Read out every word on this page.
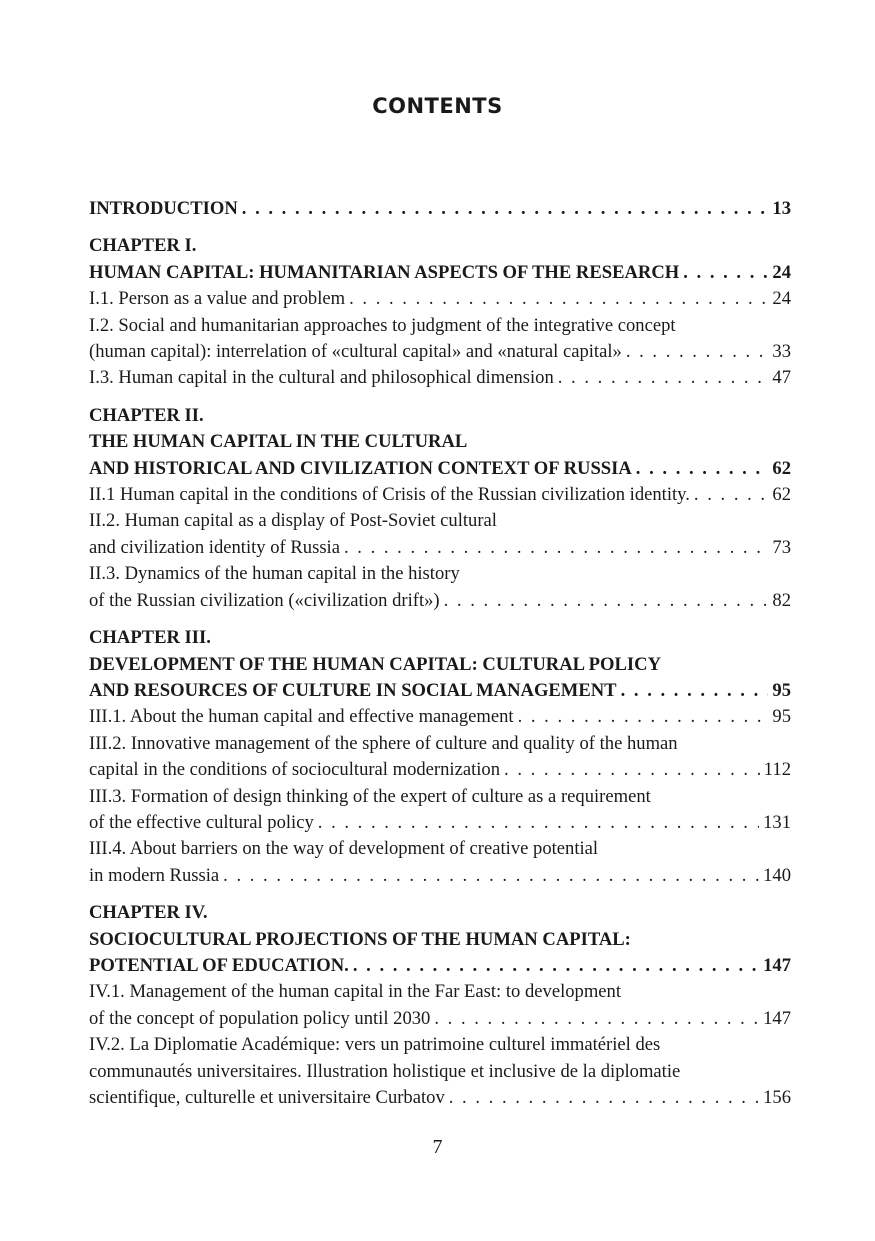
CONTENTS
INTRODUCTION . . .	13
CHAPTER I.
HUMAN CAPITAL: HUMANITARIAN ASPECTS OF THE RESEARCH . . .	24
I.1. Person as a value and problem . . .	24
I.2. Social and humanitarian approaches to judgment of the integrative concept
(human capital): interrelation of «cultural capital» and «natural capital» . . .	33
I.3. Human capital in the cultural and philosophical dimension . . .	47
CHAPTER II.
THE HUMAN CAPITAL IN THE CULTURAL
AND HISTORICAL AND CIVILIZATION CONTEXT OF RUSSIA . . .	62
II.1 Human capital in the conditions of Crisis of the Russian civilization identity. . . .	62
II.2. Human capital as a display of Post-Soviet cultural
and civilization identity of Russia . . .	73
II.3. Dynamics of the human capital in the history
of the Russian civilization («civilization drift») . . .	82
CHAPTER III.
DEVELOPMENT OF THE HUMAN CAPITAL: CULTURAL POLICY
AND RESOURCES OF CULTURE IN SOCIAL MANAGEMENT . . .	95
III.1. About the human capital and effective management . . .	95
III.2. Innovative management of the sphere of culture and quality of the human
capital in the conditions of sociocultural modernization . . .	112
III.3. Formation of design thinking of the expert of culture as a requirement
of the effective cultural policy . . .	131
III.4. About barriers on the way of development of creative potential
in modern Russia . . .	140
CHAPTER IV.
SOCIOCULTURAL PROJECTIONS OF THE HUMAN CAPITAL:
POTENTIAL OF EDUCATION. . . .	147
IV.1. Management of the human capital in the Far East: to development
of the concept of population policy until 2030 . . .	147
IV.2. La Diplomatie Académique: vers un patrimoine culturel immatériel des
communautés universitaires. Illustration holistique et inclusive de la diplomatie
scientifique, culturelle et universitaire Curbatov . . .	156
7
